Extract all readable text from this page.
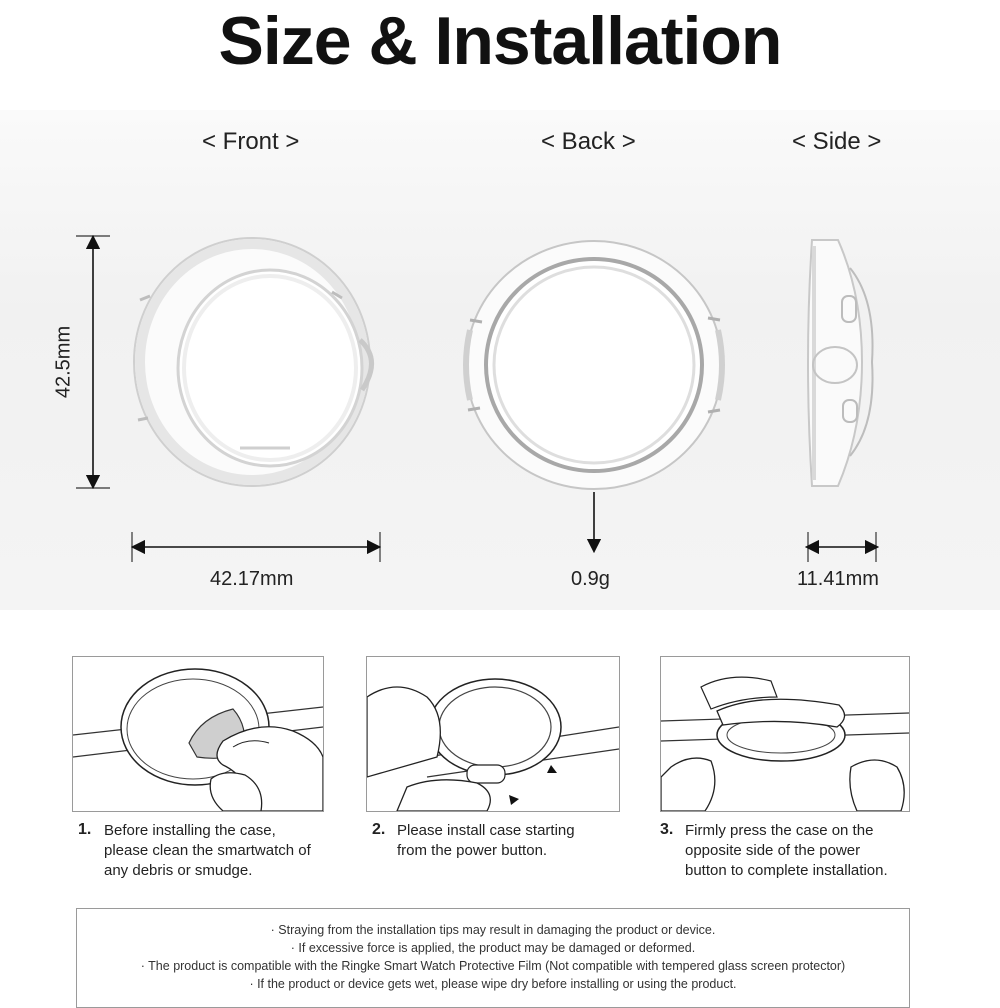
Size & Installation
< Front >	< Back >	< Side >
42.5mm
42.17mm	0.9g	11.41mm
1. Before installing the case,
please clean the smartwatch of
any debris or smudge.
2. Please install case starting
from the power button.
3. Firmly press the case on the
opposite side of the power
button to complete installation.
· Straying from the installation tips may result in damaging the product or device.
· If excessive force is applied, the product may be damaged or deformed.
· The product is compatible with the Ringke Smart Watch Protective Film (Not compatible with tempered glass screen protector)
· If the product or device gets wet, please wipe dry before installing or using the product.
